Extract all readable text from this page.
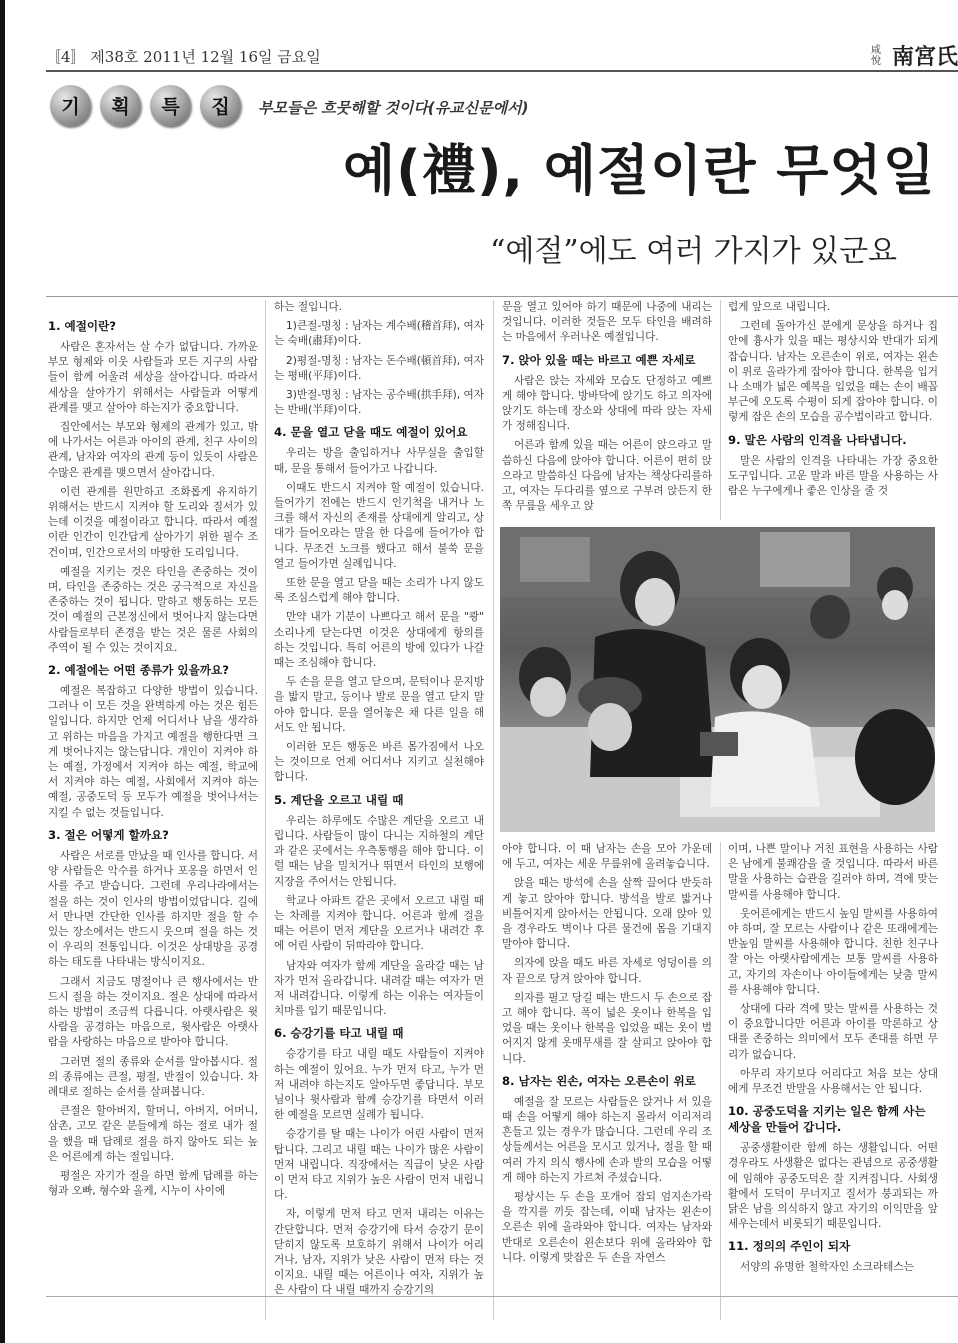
〚4〛 제38호 2011년 12월 16일 금요일	咸悅 南宮氏
기	획	특	집	부모들은 흐뭇해할 것이다(유교신문에서)
예(禮), 예절이란 무엇일
“예절”에도 여러 가지가 있군요
1. 예절이란?

사람은 혼자서는 살 수가 없답니다. 가까운 부모 형제와 이웃 사람들과 모든 지구의 사람들이 함께 어울려 세상을 살아갑니다. 따라서 세상을 살아가기 위해서는 사람들과 어떻게 관계를 맺고 살아야 하는지가 중요합니다.

집안에서는 부모와 형제의 관계가 있고, 밖에 나가서는 어른과 아이의 관계, 친구 사이의 관계, 남자와 여자의 관계 등이 있듯이 사람은 수많은 관계를 맺으면서 살아갑니다.

이런 관계를 원만하고 조화롭게 유지하기 위해서는 반드시 지켜야 할 도리와 질서가 있는데 이것을 예절이라고 합니다. 따라서 예절이란 인간이 인간답게 살아가기 위한 필수 조건이며, 인간으로서의 마땅한 도리입니다.

예절을 지키는 것은 타인을 존중하는 것이며, 타인을 존중하는 것은 궁극적으로 자신을 존중하는 것이 됩니다. 말하고 행동하는 모든 것이 예절의 근본정신에서 벗어나지 않는다면 사람들로부터 존경을 받는 것은 물론 사회의 주역이 될 수 있는 것이지요.

2. 예절에는 어떤 종류가 있을까요?

예절은 복잡하고 다양한 방법이 있습니다. 그러나 이 모든 것을 완벽하게 아는 것은 힘든 일입니다. 하지만 언제 어디서나 남을 생각하고 위하는 마음을 가지고 예절을 행한다면 크게 벗어나지는 않는답니다. 개인이 지켜야 하는 예절, 가정에서 지켜야 하는 예절, 학교에서 지켜야 하는 예절, 사회에서 지켜야 하는 예절, 공중도덕 등 모두가 예절을 벗어나서는 지킬 수 없는 것들입니다.

3. 절은 어떻게 할까요?

사람은 서로를 만났을 때 인사를 합니다. 서양 사람들은 악수를 하거나 포옹을 하면서 인사를 주고 받습니다. 그런데 우리나라에서는 절을 하는 것이 인사의 방법이었답니다. 길에서 만나면 간단한 인사를 하지만 절을 할 수 있는 장소에서는 반드시 웃으며 절을 하는 것이 우리의 전통입니다. 이것은 상대방을 공경하는 태도를 나타내는 방식이지요.

그래서 지금도 명절이나 큰 행사에서는 반드시 절을 하는 것이지요. 절은 상대에 따라서 하는 방법이 조금씩 다릅니다. 아랫사람은 윗사람을 공경하는 마음으로, 윗사람은 아랫사람을 사랑하는 마음으로 받아야 합니다.

그러면 절의 종류와 순서를 알아봅시다. 절의 종류에는 큰절, 평절, 반절이 있습니다. 차례대로 절하는 순서를 살펴봅니다.

큰절은 할아버지, 할머니, 아버지, 어머니, 삼촌, 고모 같은 분들에게 하는 절로 내가 절을 했을 때 답례로 절을 하지 않아도 되는 높은 어른에게 하는 절입니다.

평절은 자기가 절을 하면 함께 답례를 하는 형과 오빠, 형수와 올케, 시누이 사이에

하는 절입니다.

1)큰절-명칭 : 남자는 계수배(稽首拜), 여자는 숙배(肅拜)이다.

2)평절-명칭 : 남자는 돈수배(頓首拜), 여자는 평배(平拜)이다.

3)반절-명칭 : 남자는 공수배(拱手拜), 여자는 반배(半拜)이다.

4. 문을 열고 닫을 때도 예절이 있어요

우리는 방을 출입하거나 사무실을 출입할 때, 문을 통해서 들어가고 나갑니다.

이때도 반드시 지켜야 할 예절이 있습니다. 들어가기 전에는 반드시 인기척을 내거나 노크를 해서 자신의 존재를 상대에게 알리고, 상대가 들어오라는 말을 한 다음에 들어가야 합니다. 무조건 노크를 했다고 해서 불쑥 문을 열고 들어가면 실례입니다.

또한 문을 열고 닫을 때는 소리가 나지 않도록 조심스럽게 해야 합니다.

만약 내가 기분이 나쁘다고 해서 문을 "쾅" 소리나게 닫는다면 이것은 상대에게 항의를 하는 것입니다. 특히 어른의 방에 있다가 나갈 때는 조심해야 합니다.

두 손을 문을 열고 닫으며, 문턱이나 문지방을 밟지 말고, 등이나 발로 문을 열고 닫지 말아야 합니다. 문을 열어놓은 채 다른 일을 해서도 안 됩니다.

이러한 모든 행동은 바른 몸가짐에서 나오는 것이므로 언제 어디서나 지키고 실천해야 합니다.

5. 계단을 오르고 내릴 때

우리는 하루에도 수많은 계단을 오르고 내립니다. 사람들이 많이 다니는 지하철의 계단과 같은 곳에서는 우측통행을 해야 합니다. 이럴 때는 남을 밀치거나 뛰면서 타인의 보행에 지장을 주어서는 안됩니다.

학교나 아파트 같은 곳에서 오르고 내릴 때는 차례를 지켜야 합니다. 어른과 함께 걸을 때는 어른이 먼저 계단을 오르거나 내려간 후에 어린 사람이 뒤따라야 합니다.

남자와 여자가 함께 계단을 올라갈 때는 남자가 먼저 올라갑니다. 내려갈 때는 여자가 먼저 내려갑니다. 이렇게 하는 이유는 여자들이 치마를 입기 때문입니다.

6. 승강기를 타고 내릴 때

승강기를 타고 내릴 때도 사람들이 지켜야하는 예절이 있어요. 누가 먼저 타고, 누가 먼저 내려야 하는지도 알아두면 좋답니다. 부모님이나 윗사람과 함께 승강기를 타면서 이러한 예절을 모르면 실례가 됩니다.

승강기를 탈 때는 나이가 어린 사람이 먼저 탑니다. 그리고 내릴 때는 나이가 많은 사람이 먼저 내립니다. 직장에서는 직급이 낮은 사람이 먼저 타고 지위가 높은 사람이 먼저 내립니다.

자, 이렇게 먼저 타고 먼저 내리는 이유는 간단합니다. 먼저 승강기에 타서 승강기 문이 닫히지 않도록 보호하기 위해서 나이가 어리거나, 남자, 지위가 낮은 사람이 먼저 타는 것이지요. 내릴 때는 어른이나 여자, 지위가 높은 사람이 다 내릴 때까지 승강기의

문을 열고 있어야 하기 때문에 나중에 내리는 것입니다. 이러한 것들은 모두 타인을 배려하는 마음에서 우러나온 예절입니다.

7. 앉아 있을 때는 바르고 예쁜 자세로

사람은 앉는 자세와 모습도 단정하고 예쁘게 해야 합니다. 방바닥에 앉기도 하고 의자에 앉기도 하는데 장소와 상대에 따라 앉는 자세가 정해집니다.

어른과 함께 있을 때는 어른이 앉으라고 말씀하신 다음에 앉아야 합니다. 어른이 편히 앉으라고 말씀하신 다음에 남자는 책상다리를하고, 여자는 두다리를 옆으로 구부려 앉든지 한쪽 무릎을 세우고 앉

럽게 앞으로 내립니다.

그런데 돌아가신 분에게 문상을 하거나 집안에 흉사가 있을 때는 평상시와 반대가 되게 잡습니다. 남자는 오른손이 위로, 여자는 왼손이 위로 올라가게 잡아야 합니다. 한복을 입거나 소매가 넓은 예복을 입었을 때는 손이 배꼽 부근에 오도록 수평이 되게 잡아야 합니다. 이렇게 잡은 손의 모습을 공수법이라고 합니다.

9. 말은 사람의 인격을 나타냅니다.

말은 사람의 인격을 나타내는 가장 중요한 도구입니다. 고운 말과 바른 말을 사용하는 사람은 누구에게나 좋은 인상을 줄 것

아야 합니다. 이 때 남자는 손을 모아 가운데에 두고, 여자는 세운 무릎위에 올려놓습니다.

앉을 때는 방석에 손을 살짝 끌어다 반듯하게 놓고 앉아야 합니다. 방석을 발로 밟거나 비틀어지게 앉아서는 안됩니다. 오래 앉아 있을 경우라도 벽이나 다른 물건에 몸을 기대지 말아야 합니다.

의자에 앉을 때도 바른 자세로 엉덩이를 의자 끝으로 당겨 앉아야 합니다.

의자를 필고 당길 때는 반드시 두 손으로 잡고 해야 합니다. 폭이 넓은 옷이나 한복을 입었을 때는 옷이나 한복을 입었을 때는 옷이 벌어지지 않게 옷매무새를 잘 살피고 앉아야 합니다.

8. 남자는 왼손, 여자는 오른손이 위로

예절을 잘 모르는 사람들은 앉거나 서 있을 때 손을 어떻게 해야 하는지 몰라서 이리저리 흔들고 있는 경우가 많습니다. 그런데 우리 조상들께서는 어른을 모시고 있거나, 절을 할 때 여러 가지 의식 행사에 손과 발의 모습을 어떻게 해야 하는지 가르쳐 주셨습니다.

평상시는 두 손을 포개어 잡되 엄지손가락을 깍지를 끼듯 잡는데, 이때 남자는 왼손이 오른손 위에 올라와야 합니다. 여자는 남자와 반대로 오른손이 왼손보다 위에 올라와야 합니다. 이렇게 맞잡은 두 손을 자연스

이며, 나쁜 말이나 거친 표현을 사용하는 사람은 남에게 불쾌감을 줄 것입니다. 따라서 바른 말을 사용하는 습관을 길러야 하며, 격에 맞는 말씨를 사용해야 합니다.

웃어른에게는 반드시 높임 말씨를 사용하여야 하며, 잘 모르는 사람이나 같은 또래에게는 반높임 말씨를 사용해야 합니다. 친한 친구나 잘 아는 아랫사람에게는 보통 말씨를 사용하고, 자기의 자손이나 아이들에게는 낮춤 말씨를 사용해야 합니다.

상대에 다라 격에 맞는 말씨를 사용하는 것이 중요합니다만 어른과 아이를 막론하고 상대를 존중하는 의미에서 모두 존대를 하면 무리가 없습니다.

아무리 자기보다 어리다고 처음 보는 상대에게 무조건 반말을 사용해서는 안 됩니다.

10. 공중도덕을 지키는 일은 함께 사는 세상을 만들어 갑니다.

공중생활이란 함께 하는 생활입니다. 어떤 경우라도 사생활은 없다는 관념으로 공중생활에 임해야 공중도덕은 잘 지켜집니다. 사회생활에서 도덕이 무너지고 질서가 붕괴되는 까닭은 남을 의식하지 않고 자기의 이익만을 앞세우는데서 비롯되기 때문입니다.

11. 정의의 주인이 되자

서양의 유명한 철학자인 소크라테스는
